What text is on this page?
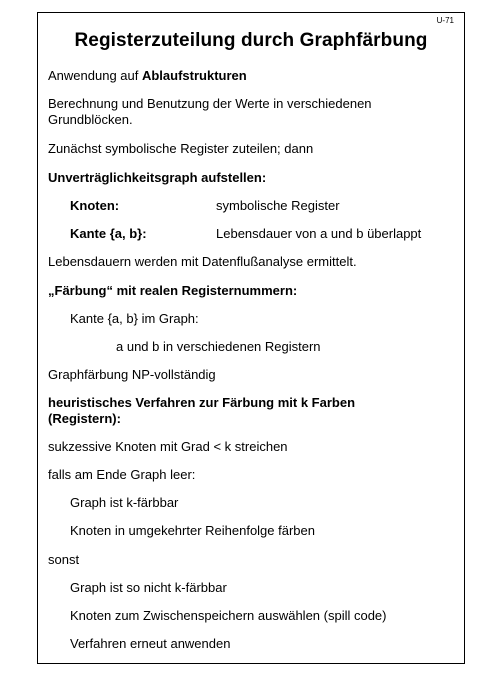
U-71
Registerzuteilung durch Graphfärbung
Anwendung auf Ablaufstrukturen
Berechnung und Benutzung der Werte in verschiedenen
Grundblöcken.
Zunächst symbolische Register zuteilen; dann
Unverträglichkeitsgraph aufstellen:
Knoten:	symbolische Register
Kante {a, b}:	Lebensdauer von a und b überlappt
Lebensdauern werden mit Datenflußanalyse ermittelt.
„Färbung“ mit realen Registernummern:
Kante {a, b} im Graph:
a und b in verschiedenen Registern
Graphfärbung NP-vollständig
heuristisches Verfahren zur Färbung mit k Farben
(Registern):
sukzessive Knoten mit Grad < k streichen
falls am Ende Graph leer:
Graph ist k-färbbar
Knoten in umgekehrter Reihenfolge färben
sonst
Graph ist so nicht k-färbbar
Knoten zum Zwischenspeichern auswählen (spill code)
Verfahren erneut anwenden
